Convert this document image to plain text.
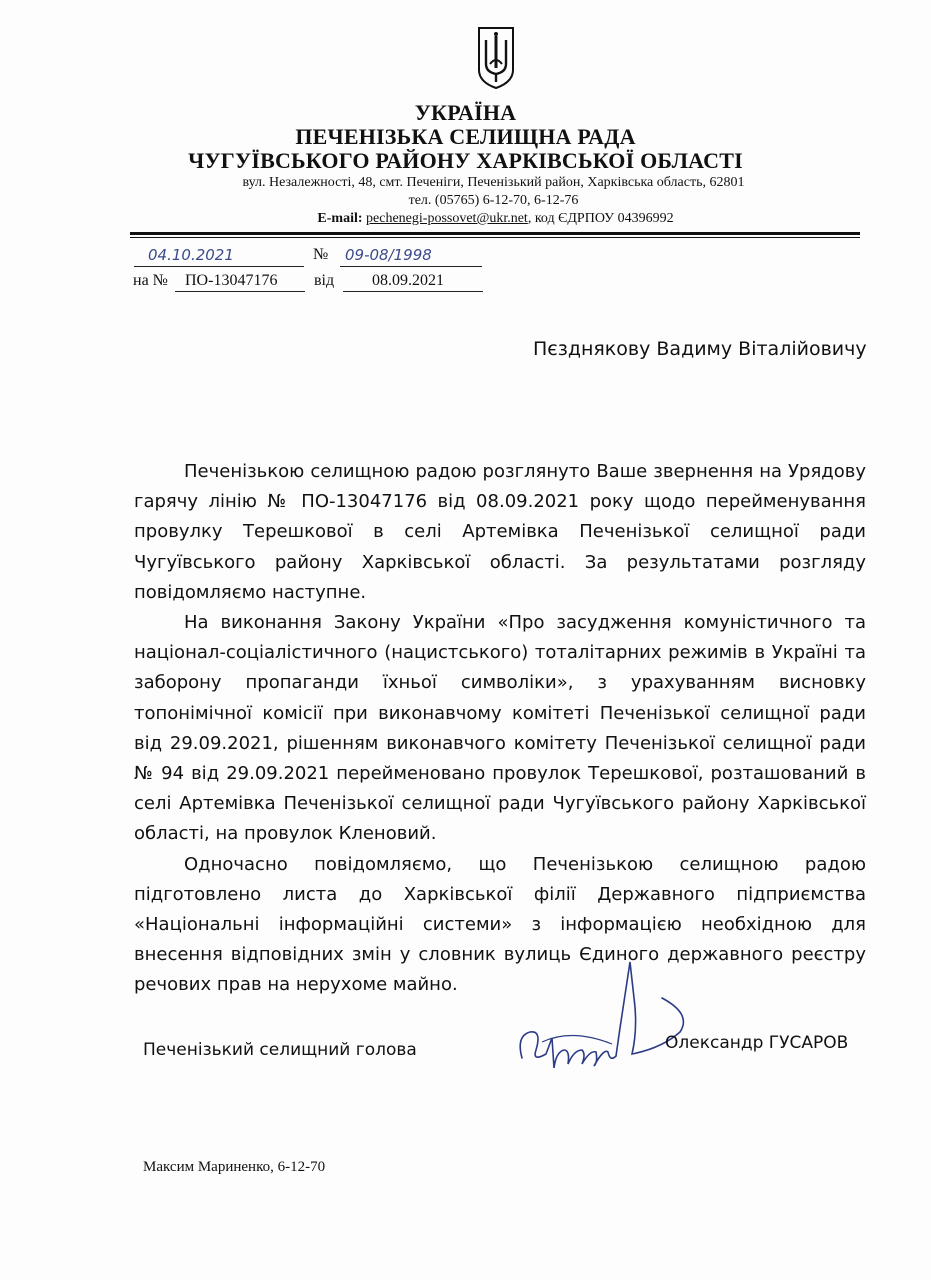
УКРАЇНА
ПЕЧЕНІЗЬКА СЕЛИЩНА РАДА
ЧУГУЇВСЬКОГО РАЙОНУ ХАРКІВСЬКОЇ ОБЛАСТІ
вул. Незалежності, 48, смт. Печеніги, Печенізький район, Харківська область, 62801
тел. (05765) 6-12-70, 6-12-76
E-mail: pechenegi-possovet@ukr.net, код ЄДРПОУ 04396992
04.10.2021	№ 09-08/1998
на № ПО-13047176 від 08.09.2021
Пєзднякову Вадиму Віталійовичу

Печенізькою селищною радою розглянуто Ваше звернення на Урядову гарячу лінію № ПО-13047176 від 08.09.2021 року щодо перейменування провулку Терешкової в селі Артемівка Печенізької селищної ради Чугуївського району Харківської області. За результатами розгляду повідомляємо наступне.

На виконання Закону України «Про засудження комуністичного та націонал-соціалістичного (нацистського) тоталітарних режимів в Україні та заборону пропаганди їхньої символіки», з урахуванням висновку топонімічної комісії при виконавчому комітеті Печенізької селищної ради від 29.09.2021, рішенням виконавчого комітету Печенізької селищної ради № 94 від 29.09.2021 перейменовано провулок Терешкової, розташований в селі Артемівка Печенізької селищної ради Чугуївського району Харківської області, на провулок Кленовий.

Одночасно повідомляємо, що Печенізькою селищною радою підготовлено листа до Харківської філії Державного підприємства «Національні інформаційні системи» з інформацією необхідною для внесення відповідних змін у словник вулиць Єдиного державного реєстру речових прав на нерухоме майно.

Печенізький селищний голова	Олександр ГУСАРОВ
Максим Мариненко, 6-12-70
